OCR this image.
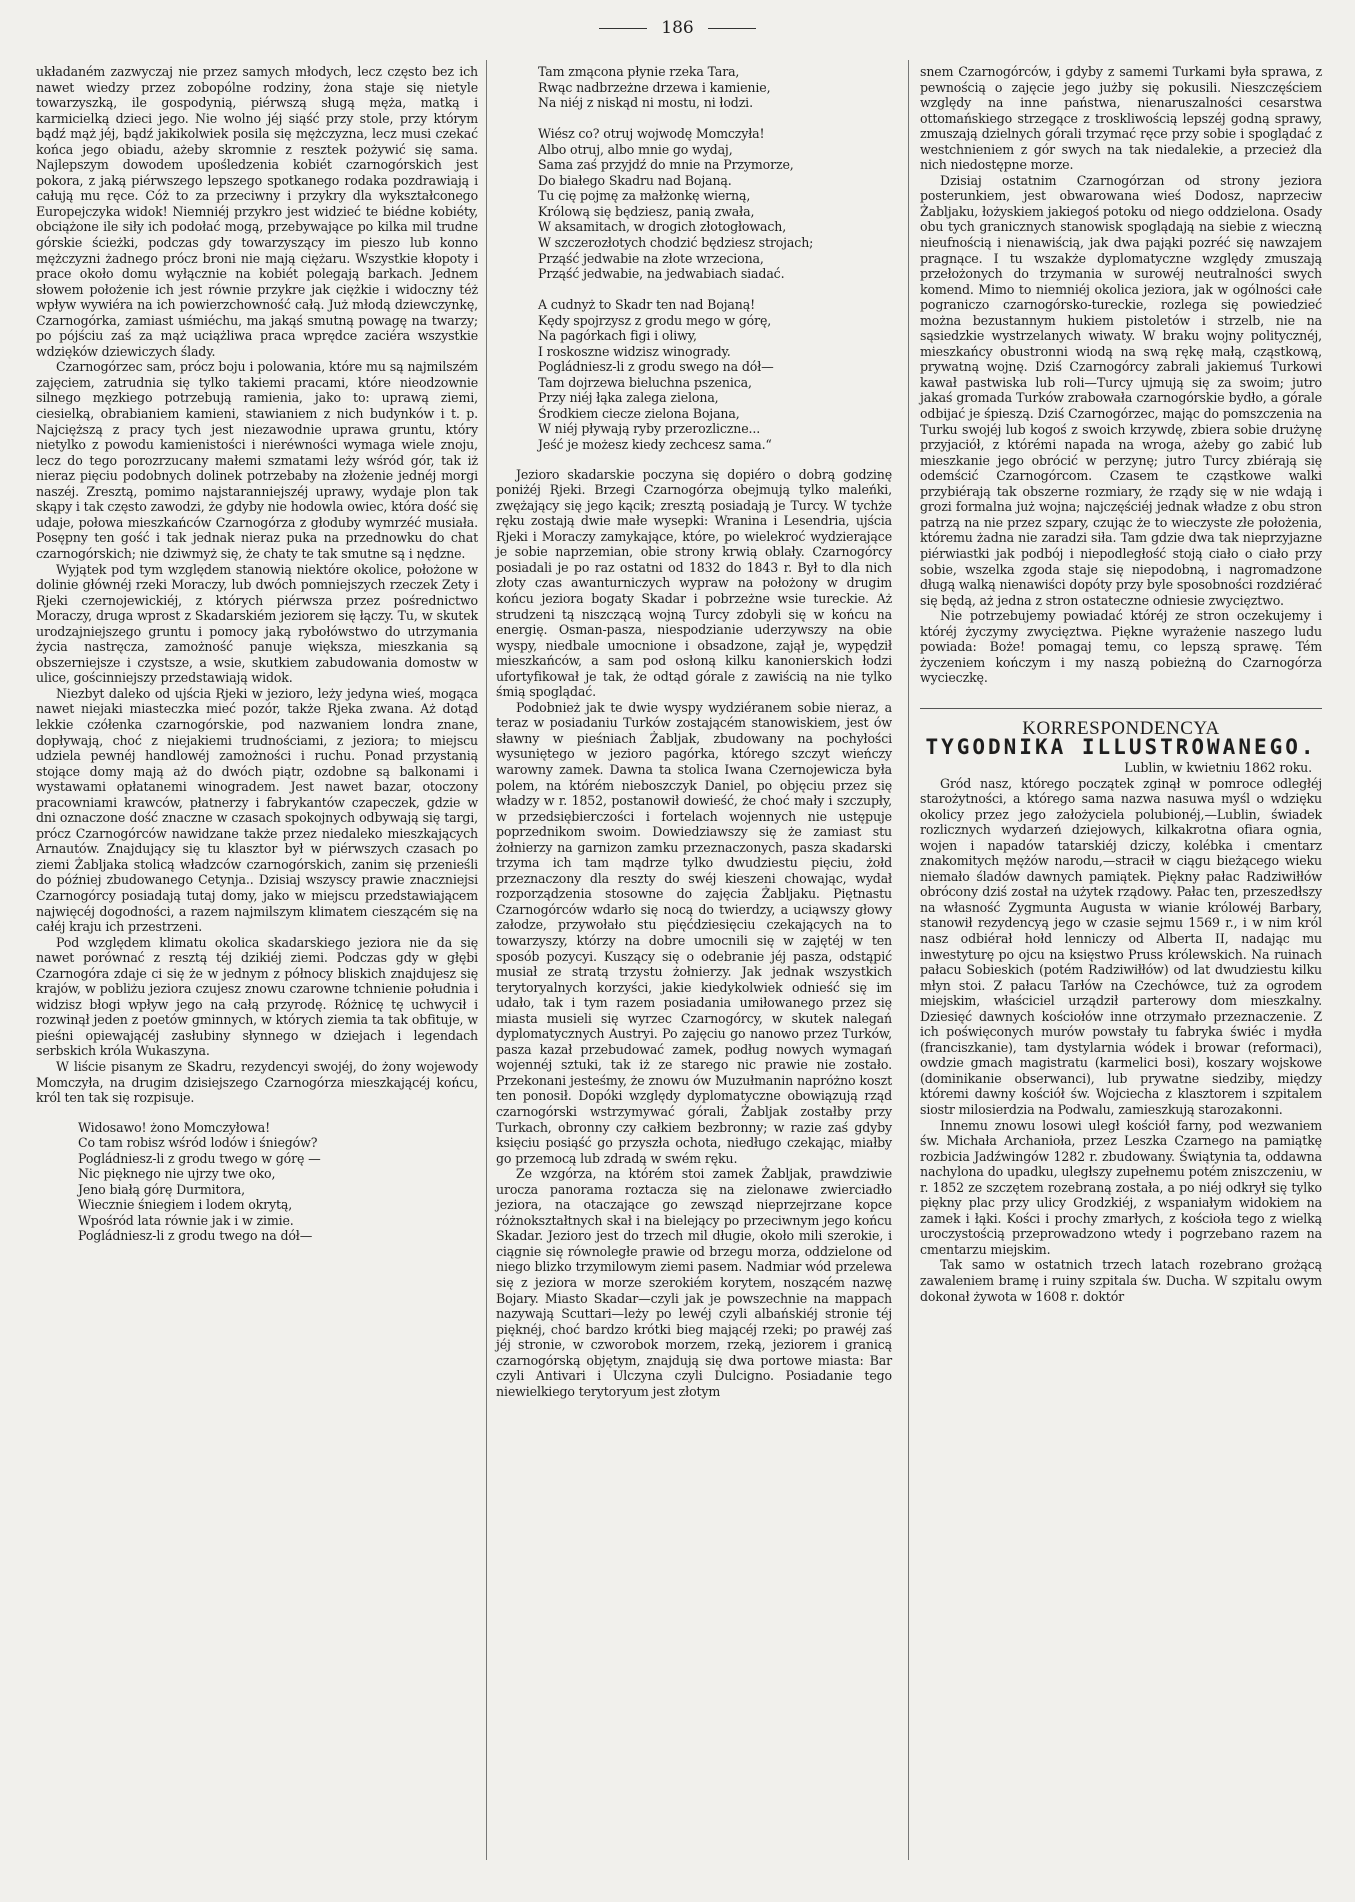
186

układaném zazwyczaj nie przez samych młodych, lecz często bez ich nawet wiedzy przez zobopólne rodziny, żona staje się nietyle towarzyszką, ile gospodynią, piérwszą sługą męża, matką i karmicielką dzieci jego. Nie wolno jéj siąść przy stole, przy którym bądź mąż jéj, bądź jakikolwiek posila się mężczyzna, lecz musi czekać końca jego obiadu, ażeby skromnie z resztek pożywić się sama. Najlepszym dowodem upośledzenia kobiét czarnogórskich jest pokora, z jaką piérwszego lepszego spotkanego rodaka pozdrawiają i całują mu ręce. Cóż to za przeciwny i przykry dla wykształconego Europejczyka widok! Niemniéj przykro jest widzieć te biédne kobiéty, obciążone ile siły ich podołać mogą, przebywające po kilka mil trudne górskie ścieżki, podczas gdy towarzyszący im pieszo lub konno mężczyzni żadnego prócz broni nie mają ciężaru. Wszystkie kłopoty i prace około domu wyłącznie na kobiét polegają barkach. Jednem słowem położenie ich jest równie przykre jak ciężkie i widoczny téż wpływ wywiéra na ich powierzchowność całą. Już młodą dziewczynkę, Czarnogórka, zamiast uśmiéchu, ma jakąś smutną powagę na twarzy; po pójściu zaś za mąż uciążliwa praca wprędce zaciéra wszystkie wdzięków dziewiczych ślady.

Czarnogórzec sam, prócz boju i polowania, które mu są najmilszém zajęciem, zatrudnia się tylko takiemi pracami, które nieodzownie silnego męzkiego potrzebują ramienia, jako to: uprawą ziemi, ciesielką, obrabianiem kamieni, stawianiem z nich budynków i t. p. Najcięższą z pracy tych jest niezawodnie uprawa gruntu, który nietylko z powodu kamienistości i nieréwności wymaga wiele znoju, lecz do tego porozrzucany małemi szmatami leży wśród gór, tak iż nieraz pięciu podobnych dolinek potrzebaby na złożenie jednéj morgi naszéj. Zresztą, pomimo najstaranniejszéj uprawy, wydaje plon tak skąpy i tak często zawodzi, że gdyby nie hodowla owiec, która dość się udaje, połowa mieszkańców Czarnogórza z głoduby wymrzéć musiała. Posępny ten gość i tak jednak nieraz puka na przednowku do chat czarnogórskich; nie dziwmyż się, że chaty te tak smutne są i nędzne.

Wyjątek pod tym względem stanowią niektóre okolice, położone w dolinie głównéj rzeki Moraczy, lub dwóch pomniejszych rzeczek Zety i Rjeki czernojewickiéj, z których piérwsza przez pośrednictwo Moraczy, druga wprost z Skadarskiém jeziorem się łączy. Tu, w skutek urodzajniejszego gruntu i pomocy jaką rybołówstwo do utrzymania życia nastręcza, zamożność panuje większa, mieszkania są obszerniejsze i czystsze, a wsie, skutkiem zabudowania domostw w ulice, gościnniejszy przedstawiają widok.

Niezbyt daleko od ujścia Rjeki w jezioro, leży jedyna wieś, mogąca nawet niejaki miasteczka mieć pozór, także Rjeka zwana. Aż dotąd lekkie czółenka czarnogórskie, pod nazwaniem londra znane, dopływają, choć z niejakiemi trudnościami, z jeziora; to miejscu udziela pewnéj handlowéj zamożności i ruchu. Ponad przystanią stojące domy mają aż do dwóch piątr, ozdobne są balkonami i wystawami opłatanemi winogradem. Jest nawet bazar, otoczony pracowniami krawców, płatnerzy i fabrykantów czapeczek, gdzie w dni oznaczone dość znaczne w czasach spokojnych odbywają się targi, prócz Czarnogórców nawidzane także przez niedaleko mieszkających Arnautów. Znajdujący się tu klasztor był w piérwszych czasach po ziemi Żabljaka stolicą władzców czarnogórskich, zanim się przenieśli do później zbudowanego Cetynja.. Dzisiaj wszyscy prawie znaczniejsi Czarnogórcy posiadają tutaj domy, jako w miejscu przedstawiającem najwięcéj dogodności, a razem najmilszym klimatem cieszącém się na całéj kraju ich przestrzeni.

Pod względem klimatu okolica skadarskiego jeziora nie da się nawet porównać z resztą téj dzikiéj ziemi. Podczas gdy w głębi Czarnogóra zdaje ci się że w jednym z północy bliskich znajdujesz się krajów, w pobliżu jeziora czujesz znowu czarowne tchnienie południa i widzisz błogi wpływ jego na całą przyrodę. Różnicę tę uchwycił i rozwinął jeden z poetów gminnych, w których ziemia ta tak obfituje, w pieśni opiewającéj zasłubiny słynnego w dziejach i legendach serbskich króla Wukaszyna.

W liście pisanym ze Skadru, rezydencyi swojéj, do żony wojewody Momczyła, na drugim dzisiejszego Czarnogórza mieszkającéj końcu, król ten tak się rozpisuje.

Widosawo! żono Momczyłowa!
Co tam robisz wśród lodów i śniegów?
Pogládniesz-li z grodu twego w górę —
Nic pięknego nie ujrzy twe oko,
Jeno białą górę Durmitora,
Wiecznie śniegiem i lodem okrytą,
Wpośród lata równie jak i w zimie.
Pogládniesz-li z grodu twego na dół—
Tam zmącona płynie rzeka Tara,
Rwąc nadbrzeżne drzewa i kamienie,
Na niéj z niskąd ni mostu, ni łodzi.
Wiész co? otruj wojwodę Momczyła!
Albo otruj, albo mnie go wydaj,
Sama zaś przyjdź do mnie na Przymorze,
Do białego Skadru nad Bojaną.
Tu cię pojmę za małżonkę wierną,
Królową się będziesz, panią zwała,
W aksamitach, w drogich złotogłowach,
W szczerozłotych chodzić będziesz strojach;
Prząść jedwabie na złote wrzeciona,
Prząść jedwabie, na jedwabiach siadać.
A cudnyż to Skadr ten nad Bojaną!
Kędy spojrzysz z grodu mego w górę,
Na pagórkach figi i oliwy,
I roskoszne widzisz winogrady.
Pogládniesz-li z grodu swego na dół—
Tam dojrzewa bieluchna pszenica,
Przy niéj łąka zalega zielona,
Środkiem ciecze zielona Bojana,
W niéj pływają ryby przerozliczne...
Jeść je możesz kiedy zechcesz sama.“

Jezioro skadarskie poczyna się dopiéro o dobrą godzinę poniżéj Rjeki. Brzegi Czarnogórza obejmują tylko maleńki, zwężający się jego kącik; zresztą posiadają je Turcy. W tychże ręku zostają dwie małe wysepki: Wranina i Lesendria, ujścia Rjeki i Moraczy zamykające, które, po wielekroć wydzierające je sobie naprzemian, obie strony krwią oblały. Czarnogórcy posiadali je po raz ostatni od 1832 do 1843 r. Był to dla nich złoty czas awanturniczych wypraw na położony w drugim końcu jeziora bogaty Skadar i pobrzeżne wsie tureckie. Aż strudzeni tą niszczącą wojną Turcy zdobyli się w końcu na energię. Osman-pasza, niespodzianie uderzywszy na obie wyspy, niedbale umocnione i obsadzone, zajął je, wypędził mieszkańców, a sam pod osłoną kilku kanonierskich łodzi ufortyfikował je tak, że odtąd górale z zawiścią na nie tylko śmią spoglądać.

Podobnież jak te dwie wyspy wydziéranem sobie nieraz, a teraz w posiadaniu Turków zostającém stanowiskiem, jest ów sławny w pieśniach Żabljak, zbudowany na pochyłości wysuniętego w jezioro pagórka, którego szczyt wieńczy warowny zamek. Dawna ta stolica Iwana Czernojewicza była polem, na którém nieboszczyk Daniel, po objęciu przez się władzy w r. 1852, postanowił dowieść, że choć mały i szczupły, w przedsiębierczości i fortelach wojennych nie ustępuje poprzednikom swoim. Dowiedziawszy się że zamiast stu żołnierzy na garnizon zamku przeznaczonych, pasza skadarski trzyma ich tam mądrze tylko dwudziestu pięciu, żołd przeznaczony dla reszty do swéj kieszeni chowając, wydał rozporządzenia stosowne do zajęcia Żabljaku. Piętnastu Czarnogórców wdarło się nocą do twierdzy, a uciąwszy głowy załodze, przywołało stu pięćdziesięciu czekających na to towarzyszy, którzy na dobre umocnili się w zajętéj w ten sposób pozycyi. Kuszący się o odebranie jéj pasza, odstąpić musiał ze stratą trzystu żołnierzy. Jak jednak wszystkich terytoryalnych korzyści, jakie kiedykolwiek odnieść się im udało, tak i tym razem posiadania umiłowanego przez się miasta musieli się wyrzec Czarnogórcy, w skutek nalegań dyplomatycznych Austryi. Po zajęciu go nanowo przez Turków, pasza kazał przebudować zamek, podług nowych wymagań wojennéj sztuki, tak iż ze starego nic prawie nie zostało. Przekonani jesteśmy, że znowu ów Muzułmanin napróżno koszt ten ponosił. Dopóki względy dyplomatyczne obowiązują rząd czarnogórski wstrzymywać górali, Żabljak zostałby przy Turkach, obronny czy całkiem bezbronny; w razie zaś gdyby księciu posiąść go przyszła ochota, niedługo czekając, miałby go przemocą lub zdradą w swém ręku.

Ze wzgórza, na którém stoi zamek Żabljak, prawdziwie urocza panorama roztacza się na zielonawe zwierciadło jeziora, na otaczające go zewsząd nieprzejrzane kopce różnokształtnych skał i na bielejący po przeciwnym jego końcu Skadar. Jezioro jest do trzech mil długie, około mili szerokie, i ciągnie się równoległe prawie od brzegu morza, oddzielone od niego blizko trzymilowym ziemi pasem. Nadmiar wód przelewa się z jeziora w morze szerokiém korytem, noszącém nazwę Bojary. Miasto Skadar—czyli jak je powszechnie na mappach nazywają Scuttari—leży po lewéj czyli albańskiéj stronie téj pięknéj, choć bardzo krótki bieg mającéj rzeki; po prawéj zaś jéj stronie, w czworobok morzem, rzeką, jeziorem i granicą czarnogórską objętym, znajdują się dwa portowe miasta: Bar czyli Antivari i Ulczyna czyli Dulcigno. Posiadanie tego niewielkiego terytoryum jest złotym

snem Czarnogórców, i gdyby z samemi Turkami była sprawa, z pewnością o zajęcie jego jużby się pokusili. Nieszczęściem względy na inne państwa, nienaruszalności cesarstwa ottomańskiego strzegące z troskliwością lepszéj godną sprawy, zmuszają dzielnych górali trzymać ręce przy sobie i spoglądać z westchnieniem z gór swych na tak niedalekie, a przecież dla nich niedostępne morze.

Dzisiaj ostatnim Czarnogórzan od strony jeziora posterunkiem, jest obwarowana wieś Dodosz, naprzeciw Żabljaku, łożyskiem jakiegoś potoku od niego oddzielona. Osady obu tych granicznych stanowisk spoglądają na siebie z wieczną nieufnością i nienawiścią, jak dwa pająki pozréć się nawzajem pragnące. I tu wszakże dyplomatyczne względy zmuszają przełożonych do trzymania w surowéj neutralności swych komend. Mimo to niemniéj okolica jeziora, jak w ogólności całe pograniczo czarnogórsko-tureckie, rozlega się powiedzieć można bezustannym hukiem pistoletów i strzelb, nie na sąsiedzkie wystrzelanych wiwaty. W braku wojny politycznéj, mieszkańcy obustronni wiodą na swą rękę małą, cząstkową, prywatną wojnę. Dziś Czarnogórcy zabrali jakiemuś Turkowi kawał pastwiska lub roli—Turcy ujmują się za swoim; jutro jakaś gromada Turków zrabowała czarnogórskie bydło, a górale odbijać je śpieszą. Dziś Czarnogórzec, mając do pomszczenia na Turku swojéj lub kogoś z swoich krzywdę, zbiera sobie drużynę przyjaciół, z którémi napada na wroga, ażeby go zabić lub mieszkanie jego obrócić w perzynę; jutro Turcy zbiérają się odemścić Czarnogórcom. Czasem te cząstkowe walki przybiérają tak obszerne rozmiary, że rządy się w nie wdają i grozi formalna już wojna; najczęściéj jednak władze z obu stron patrzą na nie przez szpary, czując że to wieczyste złe położenia, któremu żadna nie zaradzi siła. Tam gdzie dwa tak nieprzyjazne piérwiastki jak podbój i niepodległość stoją ciało o ciało przy sobie, wszelka zgoda staje się niepodobną, i nagromadzone długą walką nienawiści dopóty przy byle sposobności rozdziérać się będą, aż jedna z stron ostateczne odniesie zwycięztwo.

Nie potrzebujemy powiadać któréj ze stron oczekujemy i któréj życzymy zwycięztwa. Piękne wyrażenie naszego ludu powiada: Boże! pomagaj temu, co lepszą sprawę. Tém życzeniem kończym i my naszą pobieżną do Czarnogórza wycieczkę.

KORRESPONDENCYA
TYGODNIKA ILLUSTROWANEGO.
Lublin, w kwietniu 1862 roku.

Gród nasz, którego początek zginął w pomroce odległéj starożytności, a którego sama nazwa nasuwa myśl o wdzięku okolicy przez jego założyciela polubionéj,—Lublin, świadek rozlicznych wydarzeń dziejowych, kilkakrotna ofiara ognia, wojen i napadów tatarskiéj dziczy, kolébka i cmentarz znakomitych mężów narodu,—stracił w ciągu bieżącego wieku niemało śladów dawnych pamiątek. Piękny pałac Radziwiłłów obrócony dziś został na użytek rządowy. Pałac ten, przeszedłszy na własność Zygmunta Augusta w wianie królowéj Barbary, stanowił rezydencyą jego w czasie sejmu 1569 r., i w nim król nasz odbiérał hołd lenniczy od Alberta II, nadając mu inwestyturę po ojcu na księstwo Pruss królewskich. Na ruinach pałacu Sobieskich (potém Radziwiłłów) od lat dwudziestu kilku młyn stoi. Z pałacu Tarłów na Czechówce, tuż za ogrodem miejskim, właściciel urządził parterowy dom mieszkalny. Dziesięć dawnych kościołów inne otrzymało przeznaczenie. Z ich poświęconych murów powstały tu fabryka świéc i mydła (franciszkanie), tam dystylarnia wódek i browar (reformaci), owdzie gmach magistratu (karmelici bosi), koszary wojskowe (dominikanie obserwanci), lub prywatne siedziby, między któremi dawny kościół św. Wojciecha z klasztorem i szpitalem siostr milosierdzia na Podwalu, zamieszkują starozakonni.

Innemu znowu losowi uległ kościół farny, pod wezwaniem św. Michała Archanioła, przez Leszka Czarnego na pamiątkę rozbicia Jadźwingów 1282 r. zbudowany. Świątynia ta, oddawna nachylona do upadku, uległszy zupełnemu potém zniszczeniu, w r. 1852 ze szczętem rozebraną została, a po niéj odkrył się tylko piękny plac przy ulicy Grodzkiéj, z wspaniałym widokiem na zamek i łąki. Kości i prochy zmarłych, z kościoła tego z wielką uroczystością przeprowadzono wtedy i pogrzebano razem na cmentarzu miejskim.

Tak samo w ostatnich trzech latach rozebrano grożącą zawaleniem bramę i ruiny szpitala św. Ducha. W szpitalu owym dokonał żywota w 1608 r. doktór
